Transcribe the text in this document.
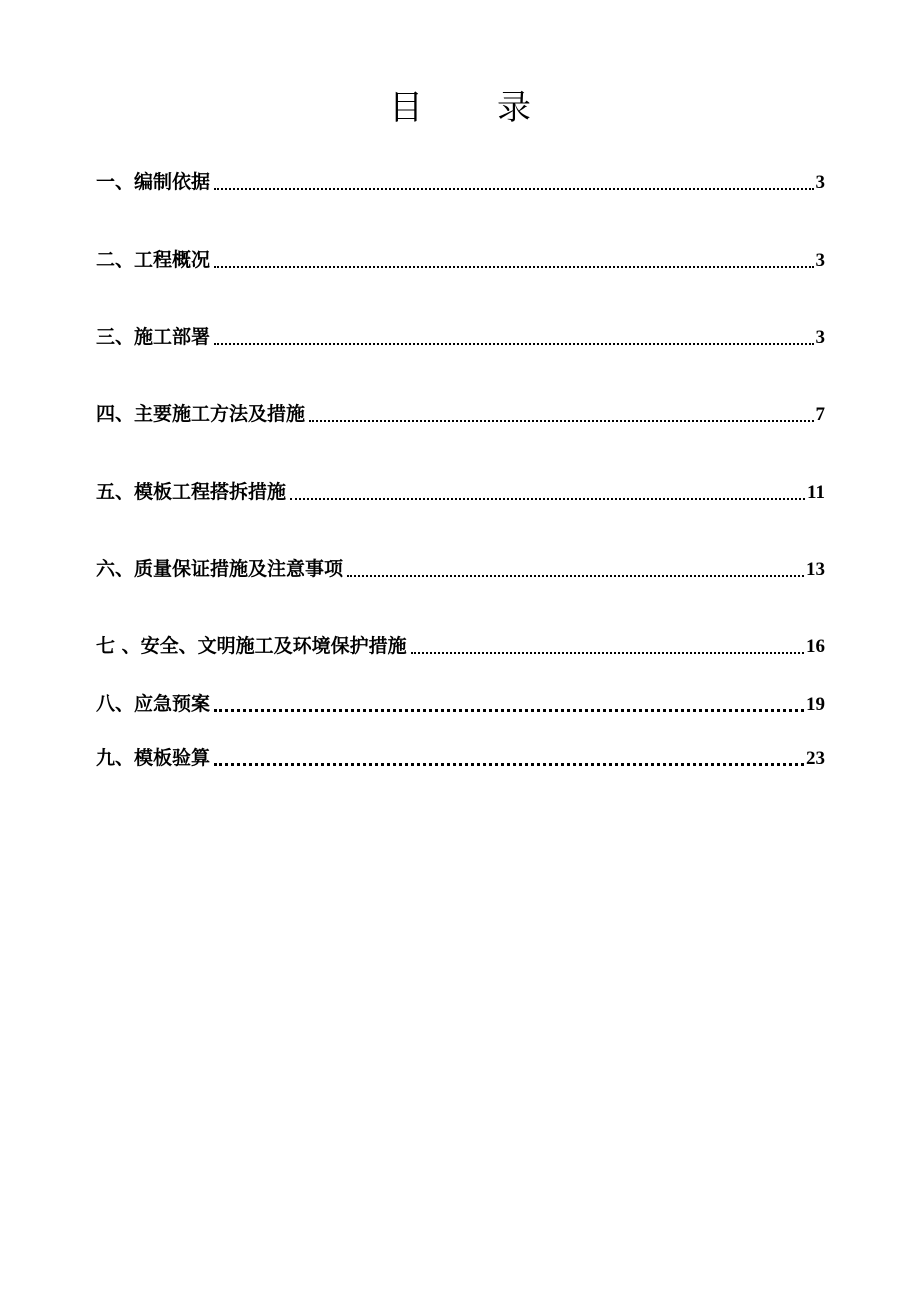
目 录
一、编制依据	3
二、工程概况	3
三、施工部署	3
四、主要施工方法及措施	7
五、模板工程搭拆措施	11
六、质量保证措施及注意事项	13
七 、安全、文明施工及环境保护措施	16
八、应急预案	19
九、模板验算	23
